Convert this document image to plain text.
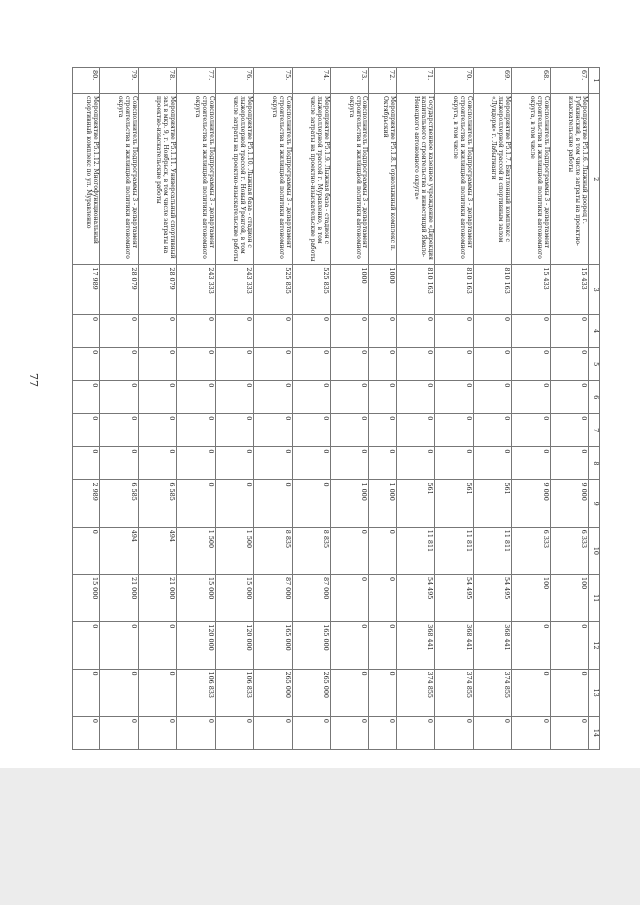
77
1	2	3	4	5	6	7	8	9	10	11	12	13	14
67.	Мероприятие Р5.1.6. Лыжный доорец г. Губкинский, в том числе затраты на проектно-изыскательские работы	15 433	0	0	0	0	0	9 000	6 333	100	0	0	0
68.	Соисполнитель Подпрограммы 3 - департамент строительства и жилищной политики автономного округа, в том числе	15 433	0	0	0	0	0	9 000	6 333	100	0	0	0
69.	Мероприятие Р5.1.7. Биатлонный комплекс с лыжероллерной трассой и спортивным залом «Луидорм» г. Лабытнанги	810 163	0	0	0	0	0	561	11 811	54 495	368 441	374 855	0
70.	Соисполнитель Подпрограммы 3 - департамент строительства и жилищной политики автономного округа, в том числе	810 163	0	0	0	0	0	561	11 811	54 495	368 441	374 855	0
71.	Государственное казенное учреждение «Дирекция капитального строительства и инвестиций Ямало-Ненецкого автономного округа»	810 163	0	0	0	0	0	561	11 811	54 495	368 441	374 855	0
72.	Мероприятие Р5.1.8. Горнолыжный комплекс п. Октябрьский	1000	0	0	0	0	0	1 000	0	0	0	0	0
73.	Соисполнитель Подпрограммы 3 - департамент строительства и жилищной политики автономного округа	1000	0	0	0	0	0	1 000	0	0	0	0	0
74.	Мероприятие Р5.1.9. Лыжная база - стадион с лыжероллерной трассой г. Муравленко, в том числе затраты на проектно-изыскательские работы	525 835	0	0	0	0	0	0	8 835	87 000	165 000	265 000	0
75.	Соисполнитель Подпрограммы 3 - департамент строительства и жилищной политики автономного округа	525 835	0	0	0	0	0	0	8 835	87 000	165 000	265 000	0
76.	Мероприятие Р5.1.10. Лыжная база - стадион с лыжероллерной трассой г. Новый Уренгой, в том числе затраты на проектно-изыскательские работы	243 333	0	0	0	0	0	0	1 500	15 000	120 000	106 833	0
77.	Соисполнитель Подпрограммы 3 - департамент строительства и жилищной политики автономного округа	243 333	0	0	0	0	0	0	1 500	15 000	120 000	106 833	0
78.	Мероприятие Р5.1.11. Универсальный спортивный зал в мкр. 9, г. Ноябрьск, в том числе затраты на проектно-изыскательские работы	28 079	0	0	0	0	0	6 585	494	21 000	0	0	0
79.	Соисполнитель Подпрограммы 3 - департамент строительства и жилищной политики автономного округа	28 079	0	0	0	0	0	6 585	494	21 000	0	0	0
80.	Мероприятие Р5.1.12. Многофункциональный спортивный комплекс по ул. Муравленко	17 989	0	0	0	0	0	2 989	0	15 000	0	0	0
